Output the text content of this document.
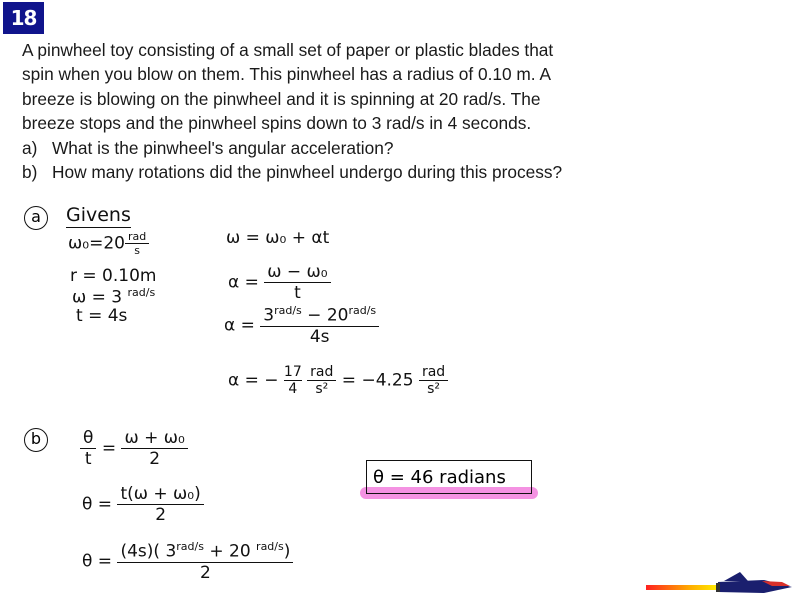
18

A pinwheel toy consisting of a small set of paper or plastic blades that

spin when you blow on them. This pinwheel has a radius of 0.10 m. A

breeze is blowing on the pinwheel and it is spinning at 20 rad/s. The

breeze stops and the pinwheel spins down to 3 rad/s in 4 seconds.

a) What is the pinwheel's angular acceleration?

b) How many rotations did the pinwheel undergo during this process?

a	Givens
$\omega_0=20 \frac{\text{rad}}{s}$
r = 0.10m
ω = 3 $^{rad/s}$
t = 4s
ω = ω₀ + αt
$\alpha = \frac{\text{ω − ω₀}}{t}$
$\alpha = \frac{3^{rad/s} - 20^{rad/s}}{4s}$
α = − $\frac{17}{4}$
$\frac{\text{rad}}{\text{s²}} = -4.25 \frac{\text{rad}}{\text{s²}}$
b	$\frac{\theta}{t} = \frac{\text{ω + ω₀}}{2}$
$\theta = \frac{\text{t(ω + ω₀)}}{2}$
$\theta = \frac{(4s)( 3^{rad/s} + 20 ^{rad/s})}{2}$
θ = 46 radians
